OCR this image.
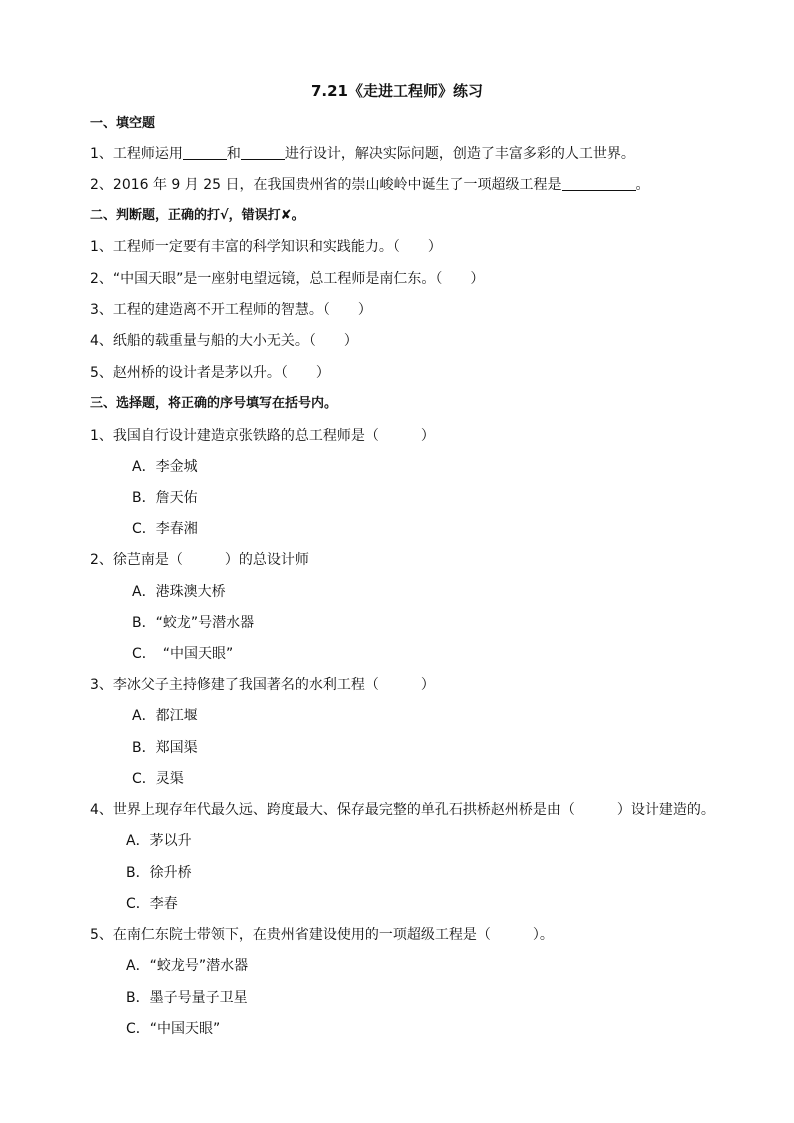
7.21《走进工程师》练习
一、填空题
1、工程师运用	和	进行设计，解决实际问题，创造了丰富多彩的人工世界。
2、2016 年 9 月 25 日，在我国贵州省的崇山峻岭中诞生了一项超级工程是	。
二、判断题，正确的打√，错误打✘。
1、工程师一定要有丰富的科学知识和实践能力。（　　）
2、“中国天眼”是一座射电望远镜，总工程师是南仁东。（　　）
3、工程的建造离不开工程师的智慧。（　　）
4、纸船的载重量与船的大小无关。（　　）
5、赵州桥的设计者是茅以升。（　　）
三、选择题，将正确的序号填写在括号内。
1、我国自行设计建造京张铁路的总工程师是（　　　）
A．李金城
B．詹天佑
C．李春湘
2、徐芑南是（　　　）的总设计师
A．港珠澳大桥
B．“蛟龙”号潜水器
C．　“中国天眼”
3、李冰父子主持修建了我国著名的水利工程（　　　）
A．都江堰
B．郑国渠
C．灵渠
4、世界上现存年代最久远、跨度最大、保存最完整的单孔石拱桥赵州桥是由（　　　）设计建造的。
A．茅以升
B．徐升桥
C．李春
5、在南仁东院士带领下，在贵州省建设使用的一项超级工程是（　　　）。
A．“蛟龙号”潜水器
B．墨子号量子卫星
C．“中国天眼”
